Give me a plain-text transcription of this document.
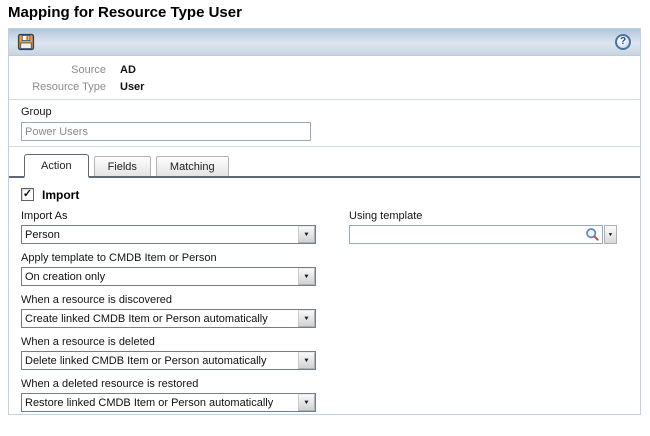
Mapping for Resource Type User
?
Source AD
Resource Type User
Group
Power Users
Action	Fields	Matching
✓ Import
Import As
Person	▼
Using template
▼
Apply template to CMDB Item or Person
On creation only	▼
When a resource is discovered
Create linked CMDB Item or Person automatically	▼
When a resource is deleted
Delete linked CMDB Item or Person automatically	▼
When a deleted resource is restored
Restore linked CMDB Item or Person automatically	▼
